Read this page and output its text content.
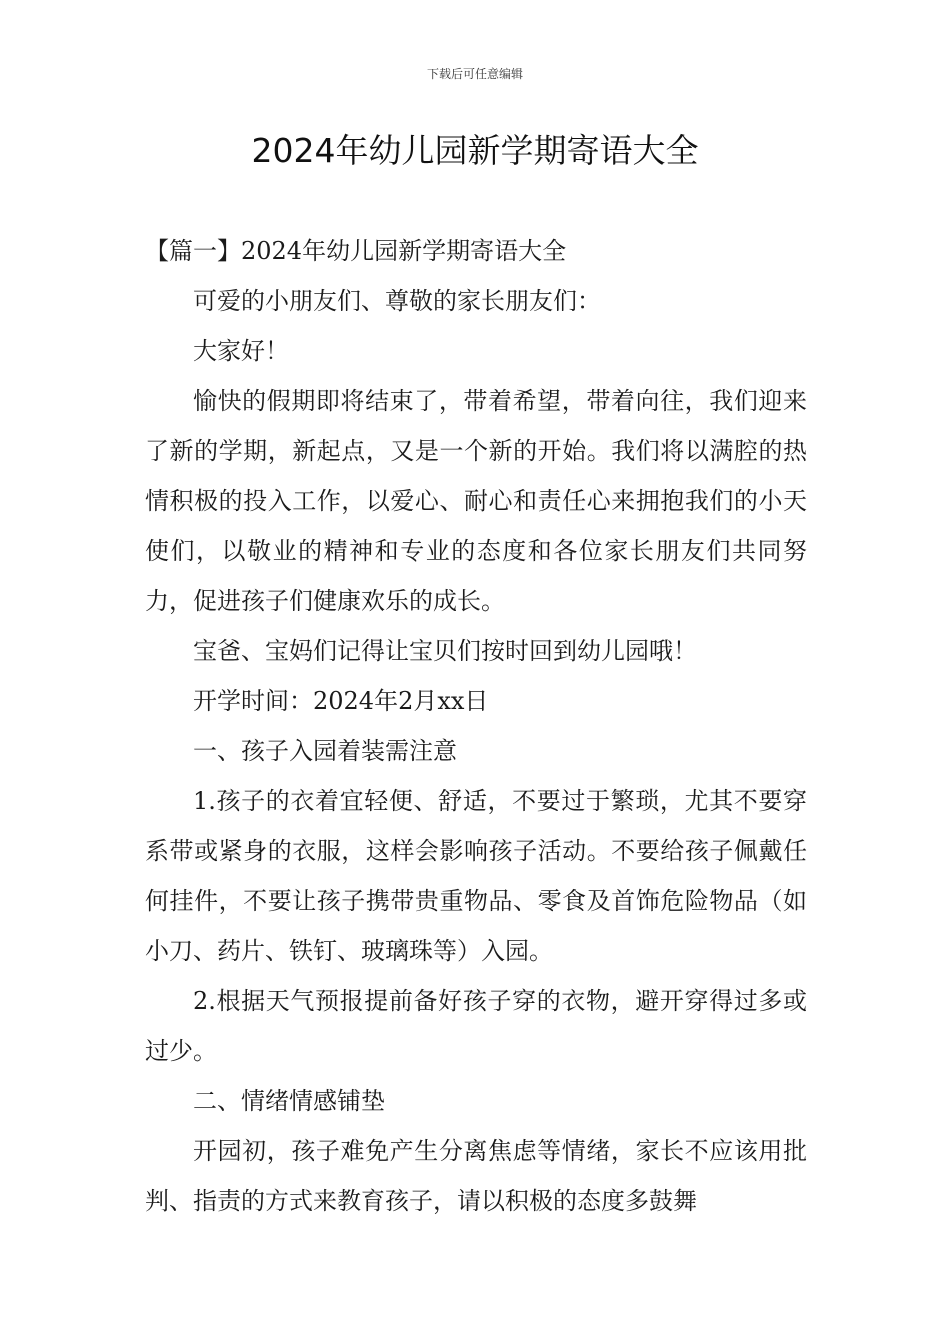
下载后可任意编辑
2024年幼儿园新学期寄语大全

【篇一】2024年幼儿园新学期寄语大全

可爱的小朋友们、尊敬的家长朋友们：

大家好！

愉快的假期即将结束了，带着希望，带着向往，我们迎来了新的学期，新起点，又是一个新的开始。我们将以满腔的热情积极的投入工作，以爱心、耐心和责任心来拥抱我们的小天使们，以敬业的精神和专业的态度和各位家长朋友们共同努力，促进孩子们健康欢乐的成长。

宝爸、宝妈们记得让宝贝们按时回到幼儿园哦！

开学时间：2024年2月xx日

一、孩子入园着装需注意

1.孩子的衣着宜轻便、舒适，不要过于繁琐，尤其不要穿系带或紧身的衣服，这样会影响孩子活动。不要给孩子佩戴任何挂件，不要让孩子携带贵重物品、零食及首饰危险物品（如小刀、药片、铁钉、玻璃珠等）入园。

2.根据天气预报提前备好孩子穿的衣物，避开穿得过多或过少。

二、情绪情感铺垫

开园初，孩子难免产生分离焦虑等情绪，家长不应该用批判、指责的方式来教育孩子，请以积极的态度多鼓舞
